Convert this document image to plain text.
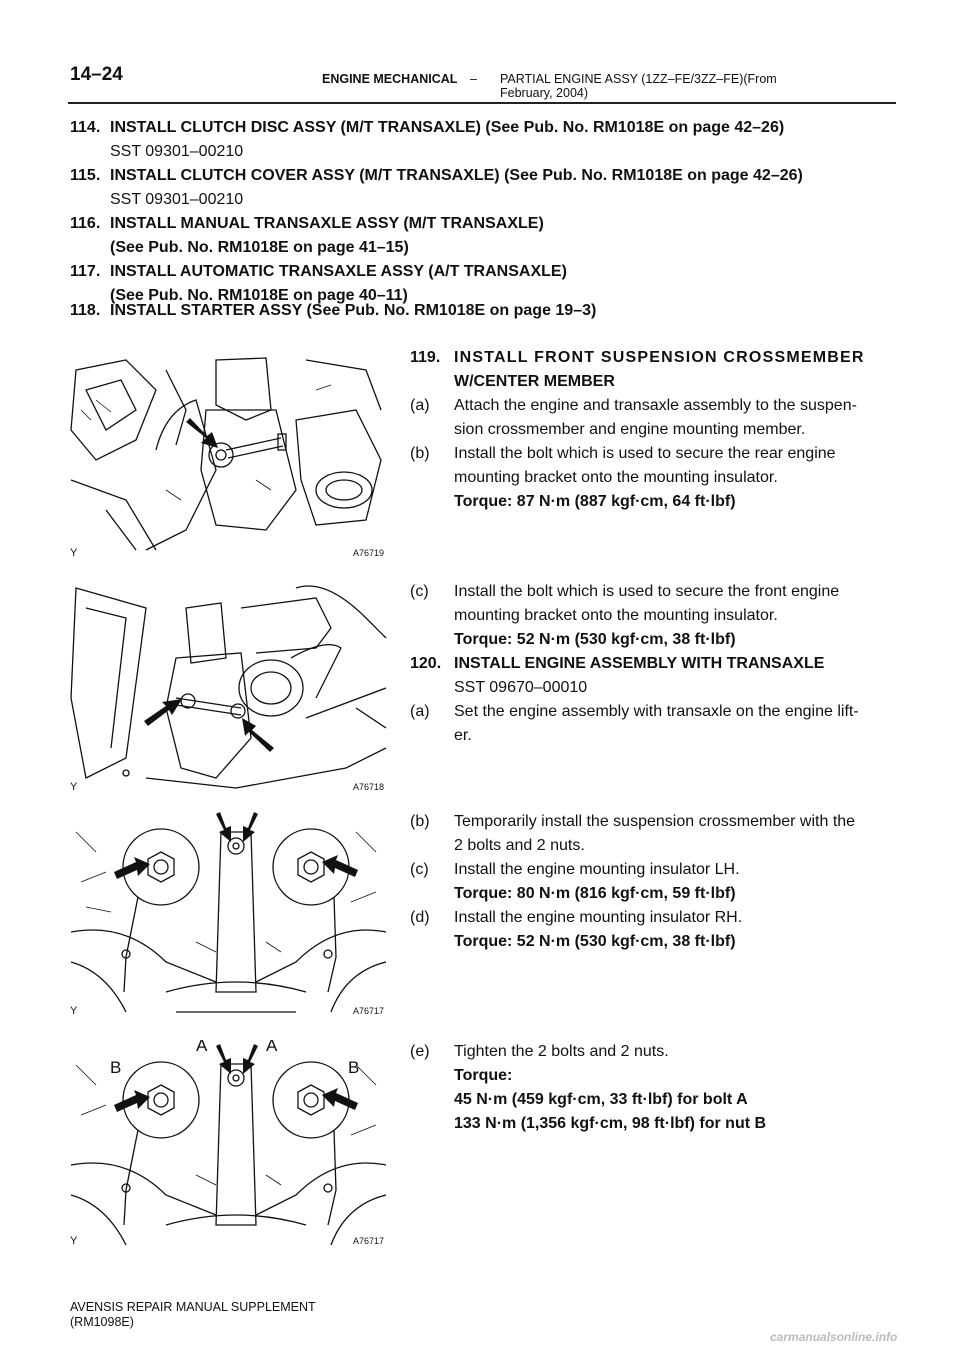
14–24	ENGINE MECHANICAL – PARTIAL ENGINE ASSY (1ZZ–FE/3ZZ–FE)(From
February, 2004)
114. INSTALL CLUTCH DISC ASSY (M/T TRANSAXLE) (See Pub. No. RM1018E on page 42–26)
SST 09301–00210
115. INSTALL CLUTCH COVER ASSY (M/T TRANSAXLE) (See Pub. No. RM1018E on page 42–26)
SST 09301–00210
116. INSTALL MANUAL TRANSAXLE ASSY (M/T TRANSAXLE)
(See Pub. No. RM1018E on page 41–15)
117. INSTALL AUTOMATIC TRANSAXLE ASSY (A/T TRANSAXLE)
(See Pub. No. RM1018E on page 40–11)
118. INSTALL STARTER ASSY (See Pub. No. RM1018E on page 19–3)
Y	A76719
119. INSTALL FRONT SUSPENSION CROSSMEMBER
W/CENTER MEMBER
(a) Attach the engine and transaxle assembly to the suspen-
sion crossmember and engine mounting member.
(b) Install the bolt which is used to secure the rear engine
mounting bracket onto the mounting insulator.
Torque: 87 N·m (887 kgf·cm, 64 ft·lbf)
Y	A76718
(c) Install the bolt which is used to secure the front engine
mounting bracket onto the mounting insulator.
Torque: 52 N·m (530 kgf·cm, 38 ft·lbf)
120. INSTALL ENGINE ASSEMBLY WITH TRANSAXLE
SST 09670–00010
(a) Set the engine assembly with transaxle on the engine lift-
er.
Y	A76717
(b) Temporarily install the suspension crossmember with the
2 bolts and 2 nuts.
(c) Install the engine mounting insulator LH.
Torque: 80 N·m (816 kgf·cm, 59 ft·lbf)
(d) Install the engine mounting insulator RH.
Torque: 52 N·m (530 kgf·cm, 38 ft·lbf)
A	A
B	B
Y	A76717
(e) Tighten the 2 bolts and 2 nuts.
Torque:
45 N·m (459 kgf·cm, 33 ft·lbf) for bolt A
133 N·m (1,356 kgf·cm, 98 ft·lbf) for nut B
AVENSIS REPAIR MANUAL SUPPLEMENT
(RM1098E)
carmanualsonline.info
